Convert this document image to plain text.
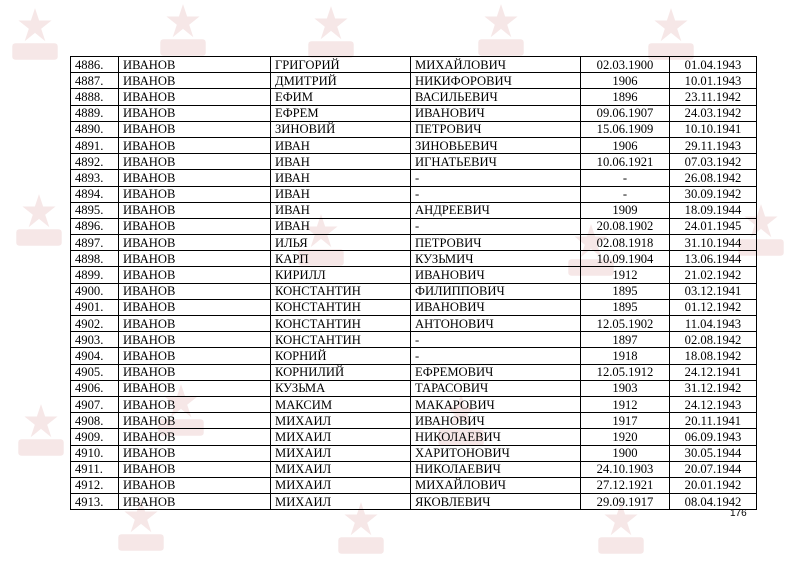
4886.	ИВАНОВ	ГРИГОРИЙ	МИХАЙЛОВИЧ	02.03.1900	01.04.1943
4887.	ИВАНОВ	ДМИТРИЙ	НИКИФОРОВИЧ	1906	10.01.1943
4888.	ИВАНОВ	ЕФИМ	ВАСИЛЬЕВИЧ	1896	23.11.1942
4889.	ИВАНОВ	ЕФРЕМ	ИВАНОВИЧ	09.06.1907	24.03.1942
4890.	ИВАНОВ	ЗИНОВИЙ	ПЕТРОВИЧ	15.06.1909	10.10.1941
4891.	ИВАНОВ	ИВАН	ЗИНОВЬЕВИЧ	1906	29.11.1943
4892.	ИВАНОВ	ИВАН	ИГНАТЬЕВИЧ	10.06.1921	07.03.1942
4893.	ИВАНОВ	ИВАН	-	-	26.08.1942
4894.	ИВАНОВ	ИВАН	-	-	30.09.1942
4895.	ИВАНОВ	ИВАН	АНДРЕЕВИЧ	1909	18.09.1944
4896.	ИВАНОВ	ИВАН	-	20.08.1902	24.01.1945
4897.	ИВАНОВ	ИЛЬЯ	ПЕТРОВИЧ	02.08.1918	31.10.1944
4898.	ИВАНОВ	КАРП	КУЗЬМИЧ	10.09.1904	13.06.1944
4899.	ИВАНОВ	КИРИЛЛ	ИВАНОВИЧ	1912	21.02.1942
4900.	ИВАНОВ	КОНСТАНТИН	ФИЛИППОВИЧ	1895	03.12.1941
4901.	ИВАНОВ	КОНСТАНТИН	ИВАНОВИЧ	1895	01.12.1942
4902.	ИВАНОВ	КОНСТАНТИН	АНТОНОВИЧ	12.05.1902	11.04.1943
4903.	ИВАНОВ	КОНСТАНТИН	-	1897	02.08.1942
4904.	ИВАНОВ	КОРНИЙ	-	1918	18.08.1942
4905.	ИВАНОВ	КОРНИЛИЙ	ЕФРЕМОВИЧ	12.05.1912	24.12.1941
4906.	ИВАНОВ	КУЗЬМА	ТАРАСОВИЧ	1903	31.12.1942
4907.	ИВАНОВ	МАКСИМ	МАКАРОВИЧ	1912	24.12.1943
4908.	ИВАНОВ	МИХАИЛ	ИВАНОВИЧ	1917	20.11.1941
4909.	ИВАНОВ	МИХАИЛ	НИКОЛАЕВИЧ	1920	06.09.1943
4910.	ИВАНОВ	МИХАИЛ	ХАРИТОНОВИЧ	1900	30.05.1944
4911.	ИВАНОВ	МИХАИЛ	НИКОЛАЕВИЧ	24.10.1903	20.07.1944
4912.	ИВАНОВ	МИХАИЛ	МИХАЙЛОВИЧ	27.12.1921	20.01.1942
4913.	ИВАНОВ	МИХАИЛ	ЯКОВЛЕВИЧ	29.09.1917	08.04.1942
176
